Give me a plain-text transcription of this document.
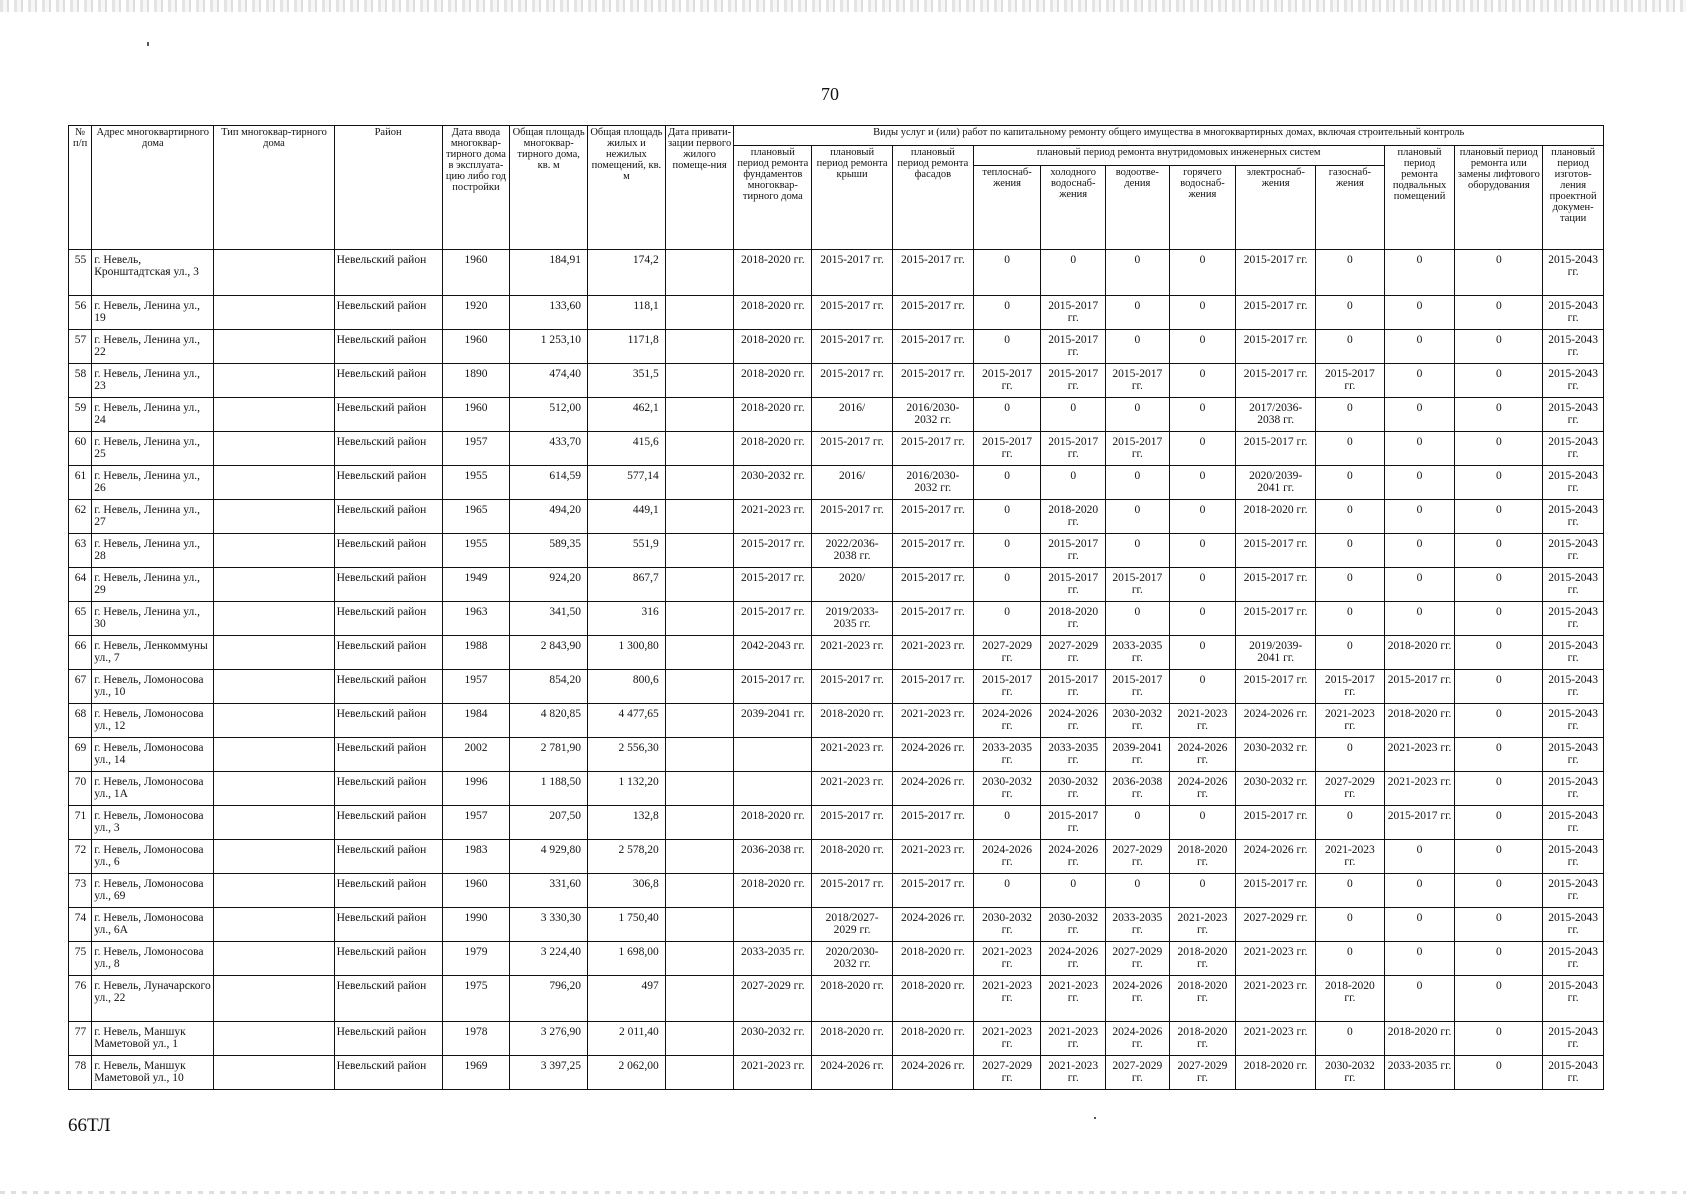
70
№ п/п	Адрес многоквартирного дома	Тип многоквар-тирного дома	Район	Дата ввода многоквар-тирного дома в эксплуата-цию либо год постройки	Общая площадь многоквар-тирного дома, кв. м	Общая площадь жилых и нежилых помещений, кв. м	Дата привати-зации первого жилого помеще-ния	Виды услуг и (или) работ по капитальному ремонту общего имущества в многоквартирных домах, включая строительный контроль											
								плановый период ремонта фундаментов многоквар-тирного дома	плановый период ремонта крыши	плановый период ремонта фасадов	плановый период ремонта внутридомовых инженерных систем						плановый период ремонта подвальных помещений	плановый период ремонта или замены лифтового оборудования	плановый период изготов-ления проектной докумен-тации
											теплоснаб-жения	холодного водоснаб-жения	водоотве-дения	горячего водоснаб-жения	электроснаб-жения	газоснаб-жения			
55	г. Невель, Кронштадтская ул., 3		Невельский район	1960	184,91	174,2		2018-2020 гг.	2015-2017 гг.	2015-2017 гг.	0	0	0	0	2015-2017 гг.	0	0	0	2015-2043 гг.
56	г. Невель, Ленина ул., 19		Невельский район	1920	133,60	118,1		2018-2020 гг.	2015-2017 гг.	2015-2017 гг.	0	2015-2017 гг.	0	0	2015-2017 гг.	0	0	0	2015-2043 гг.
57	г. Невель, Ленина ул., 22		Невельский район	1960	1 253,10	1171,8		2018-2020 гг.	2015-2017 гг.	2015-2017 гг.	0	2015-2017 гг.	0	0	2015-2017 гг.	0	0	0	2015-2043 гг.
58	г. Невель, Ленина ул., 23		Невельский район	1890	474,40	351,5		2018-2020 гг.	2015-2017 гг.	2015-2017 гг.	2015-2017 гг.	2015-2017 гг.	2015-2017 гг.	0	2015-2017 гг.	2015-2017 гг.	0	0	2015-2043 гг.
59	г. Невель, Ленина ул., 24		Невельский район	1960	512,00	462,1		2018-2020 гг.	2016/	2016/2030-2032 гг.	0	0	0	0	2017/2036-2038 гг.	0	0	0	2015-2043 гг.
60	г. Невель, Ленина ул., 25		Невельский район	1957	433,70	415,6		2018-2020 гг.	2015-2017 гг.	2015-2017 гг.	2015-2017 гг.	2015-2017 гг.	2015-2017 гг.	0	2015-2017 гг.	0	0	0	2015-2043 гг.
61	г. Невель, Ленина ул., 26		Невельский район	1955	614,59	577,14		2030-2032 гг.	2016/	2016/2030-2032 гг.	0	0	0	0	2020/2039-2041 гг.	0	0	0	2015-2043 гг.
62	г. Невель, Ленина ул., 27		Невельский район	1965	494,20	449,1		2021-2023 гг.	2015-2017 гг.	2015-2017 гг.	0	2018-2020 гг.	0	0	2018-2020 гг.	0	0	0	2015-2043 гг.
63	г. Невель, Ленина ул., 28		Невельский район	1955	589,35	551,9		2015-2017 гг.	2022/2036-2038 гг.	2015-2017 гг.	0	2015-2017 гг.	0	0	2015-2017 гг.	0	0	0	2015-2043 гг.
64	г. Невель, Ленина ул., 29		Невельский район	1949	924,20	867,7		2015-2017 гг.	2020/	2015-2017 гг.	0	2015-2017 гг.	2015-2017 гг.	0	2015-2017 гг.	0	0	0	2015-2043 гг.
65	г. Невель, Ленина ул., 30		Невельский район	1963	341,50	316		2015-2017 гг.	2019/2033-2035 гг.	2015-2017 гг.	0	2018-2020 гг.	0	0	2015-2017 гг.	0	0	0	2015-2043 гг.
66	г. Невель, Ленкоммуны ул., 7		Невельский район	1988	2 843,90	1 300,80		2042-2043 гг.	2021-2023 гг.	2021-2023 гг.	2027-2029 гг.	2027-2029 гг.	2033-2035 гг.	0	2019/2039-2041 гг.	0	2018-2020 гг.	0	2015-2043 гг.
67	г. Невель, Ломоносова ул., 10		Невельский район	1957	854,20	800,6		2015-2017 гг.	2015-2017 гг.	2015-2017 гг.	2015-2017 гг.	2015-2017 гг.	2015-2017 гг.	0	2015-2017 гг.	2015-2017 гг.	2015-2017 гг.	0	2015-2043 гг.
68	г. Невель, Ломоносова ул., 12		Невельский район	1984	4 820,85	4 477,65		2039-2041 гг.	2018-2020 гг.	2021-2023 гг.	2024-2026 гг.	2024-2026 гг.	2030-2032 гг.	2021-2023 гг.	2024-2026 гг.	2021-2023 гг.	2018-2020 гг.	0	2015-2043 гг.
69	г. Невель, Ломоносова ул., 14		Невельский район	2002	2 781,90	2 556,30			2021-2023 гг.	2024-2026 гг.	2033-2035 гг.	2033-2035 гг.	2039-2041 гг.	2024-2026 гг.	2030-2032 гг.	0	2021-2023 гг.	0	2015-2043 гг.
70	г. Невель, Ломоносова ул., 1А		Невельский район	1996	1 188,50	1 132,20			2021-2023 гг.	2024-2026 гг.	2030-2032 гг.	2030-2032 гг.	2036-2038 гг.	2024-2026 гг.	2030-2032 гг.	2027-2029 гг.	2021-2023 гг.	0	2015-2043 гг.
71	г. Невель, Ломоносова ул., 3		Невельский район	1957	207,50	132,8		2018-2020 гг.	2015-2017 гг.	2015-2017 гг.	0	2015-2017 гг.	0	0	2015-2017 гг.	0	2015-2017 гг.	0	2015-2043 гг.
72	г. Невель, Ломоносова ул., 6		Невельский район	1983	4 929,80	2 578,20		2036-2038 гг.	2018-2020 гг.	2021-2023 гг.	2024-2026 гг.	2024-2026 гг.	2027-2029 гг.	2018-2020 гг.	2024-2026 гг.	2021-2023 гг.	0	0	2015-2043 гг.
73	г. Невель, Ломоносова ул., 69		Невельский район	1960	331,60	306,8		2018-2020 гг.	2015-2017 гг.	2015-2017 гг.	0	0	0	0	2015-2017 гг.	0	0	0	2015-2043 гг.
74	г. Невель, Ломоносова ул., 6А		Невельский район	1990	3 330,30	1 750,40			2018/2027-2029 гг.	2024-2026 гг.	2030-2032 гг.	2030-2032 гг.	2033-2035 гг.	2021-2023 гг.	2027-2029 гг.	0	0	0	2015-2043 гг.
75	г. Невель, Ломоносова ул., 8		Невельский район	1979	3 224,40	1 698,00		2033-2035 гг.	2020/2030-2032 гг.	2018-2020 гг.	2021-2023 гг.	2024-2026 гг.	2027-2029 гг.	2018-2020 гг.	2021-2023 гг.	0	0	0	2015-2043 гг.
76	г. Невель, Луначарского ул., 22		Невельский район	1975	796,20	497		2027-2029 гг.	2018-2020 гг.	2018-2020 гг.	2021-2023 гг.	2021-2023 гг.	2024-2026 гг.	2018-2020 гг.	2021-2023 гг.	2018-2020 гг.	0	0	2015-2043 гг.
77	г. Невель, Маншук Маметовой ул., 1		Невельский район	1978	3 276,90	2 011,40		2030-2032 гг.	2018-2020 гг.	2018-2020 гг.	2021-2023 гг.	2021-2023 гг.	2024-2026 гг.	2018-2020 гг.	2021-2023 гг.	0	2018-2020 гг.	0	2015-2043 гг.
78	г. Невель, Маншук Маметовой ул., 10		Невельский район	1969	3 397,25	2 062,00		2021-2023 гг.	2024-2026 гг.	2024-2026 гг.	2027-2029 гг.	2021-2023 гг.	2027-2029 гг.	2027-2029 гг.	2018-2020 гг.	2030-2032 гг.	2033-2035 гг.	0	2015-2043 гг.
66ТЛ
